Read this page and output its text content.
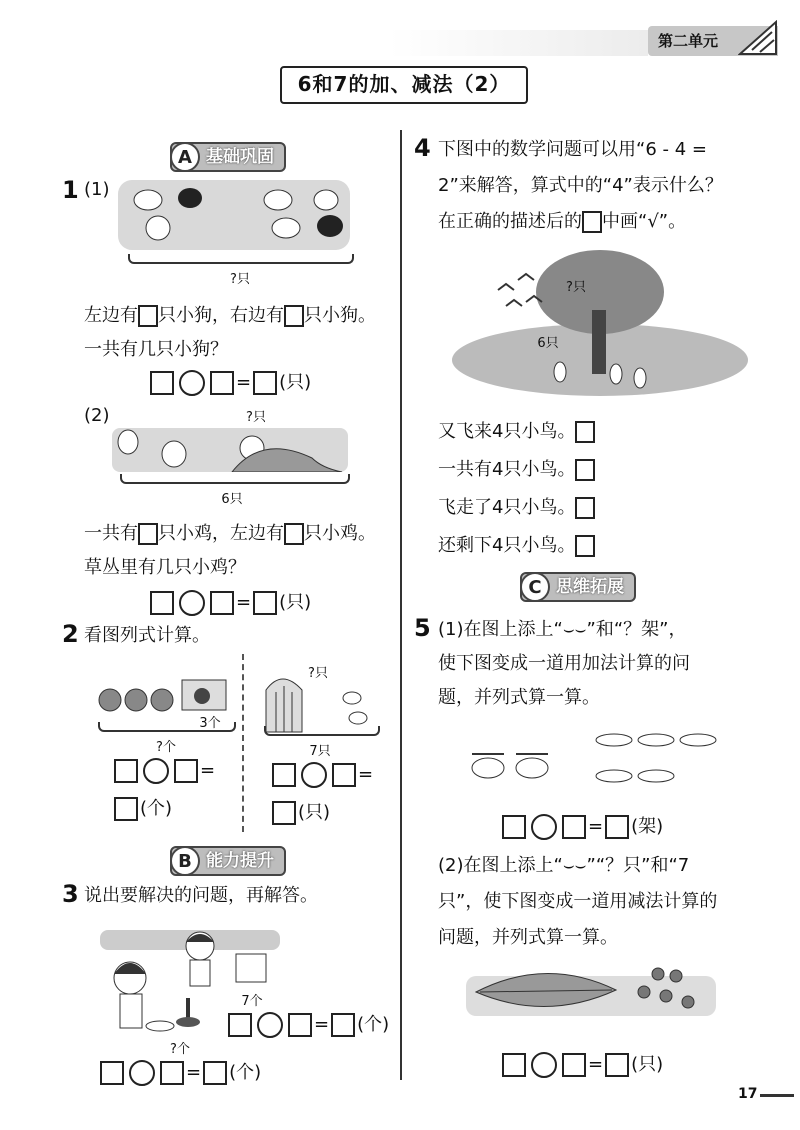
第二单元
6和7的加、减法（2）
A 基础巩固
1 (1)
?只
左边有 只小狗，右边有 只小狗。
一共有几只小狗？
= (只)
(2)	?只
6只
一共有 只小鸡，左边有 只小鸡。
草丛里有几只小鸡？
= (只)
2 看图列式计算。
3个
?个
=
(个)
?只
7只
=
(只)
B 能力提升
3 说出要解决的问题，再解答。
7个
= (个)
?个
= (个)
4 下图中的数学问题可以用“6 - 4 =
2”来解答，算式中的“4”表示什么？
在正确的描述后的 中画“√”。
?只
6只
又飞来4只小鸟。
一共有4只小鸟。
飞走了4只小鸟。
还剩下4只小鸟。
C 思维拓展
5 (1)在图上添上“⌣⌣”和“？架”，
使下图变成一道用加法计算的问
题，并列式算一算。
= (架)
(2)在图上添上“⌣⌣”“？只”和“7
只”，使下图变成一道用减法计算的
问题，并列式算一算。
= (只)
17
